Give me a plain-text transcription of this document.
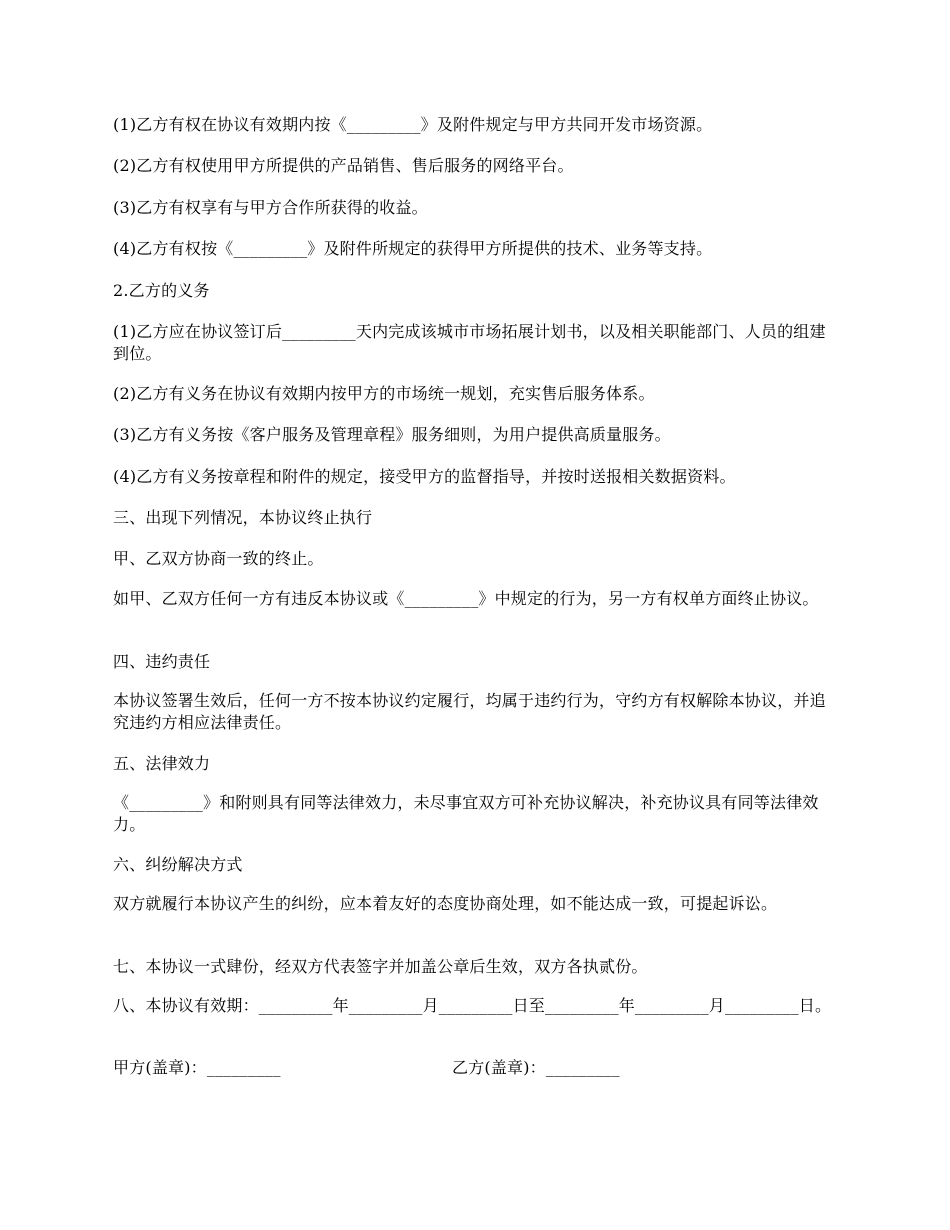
(1)乙方有权在协议有效期内按《_________》及附件规定与甲方共同开发市场资源。

(2)乙方有权使用甲方所提供的产品销售、售后服务的网络平台。

(3)乙方有权享有与甲方合作所获得的收益。

(4)乙方有权按《_________》及附件所规定的获得甲方所提供的技术、业务等支持。

2.乙方的义务

(1)乙方应在协议签订后_________天内完成该城市市场拓展计划书，以及相关职能部门、人员的组建到位。

(2)乙方有义务在协议有效期内按甲方的市场统一规划，充实售后服务体系。

(3)乙方有义务按《客户服务及管理章程》服务细则，为用户提供高质量服务。

(4)乙方有义务按章程和附件的规定，接受甲方的监督指导，并按时送报相关数据资料。

三、出现下列情况，本协议终止执行

甲、乙双方协商一致的终止。

如甲、乙双方任何一方有违反本协议或《_________》中规定的行为，另一方有权单方面终止协议。

四、违约责任

本协议签署生效后，任何一方不按本协议约定履行，均属于违约行为，守约方有权解除本协议，并追究违约方相应法律责任。

五、法律效力

《_________》和附则具有同等法律效力，未尽事宜双方可补充协议解决，补充协议具有同等法律效力。

六、纠纷解决方式

双方就履行本协议产生的纠纷，应本着友好的态度协商处理，如不能达成一致，可提起诉讼。

七、本协议一式肆份，经双方代表签字并加盖公章后生效，双方各执贰份。

八、本协议有效期：_________年_________月_________日至_________年_________月_________日。

甲方(盖章)：_________	乙方(盖章)：_________
